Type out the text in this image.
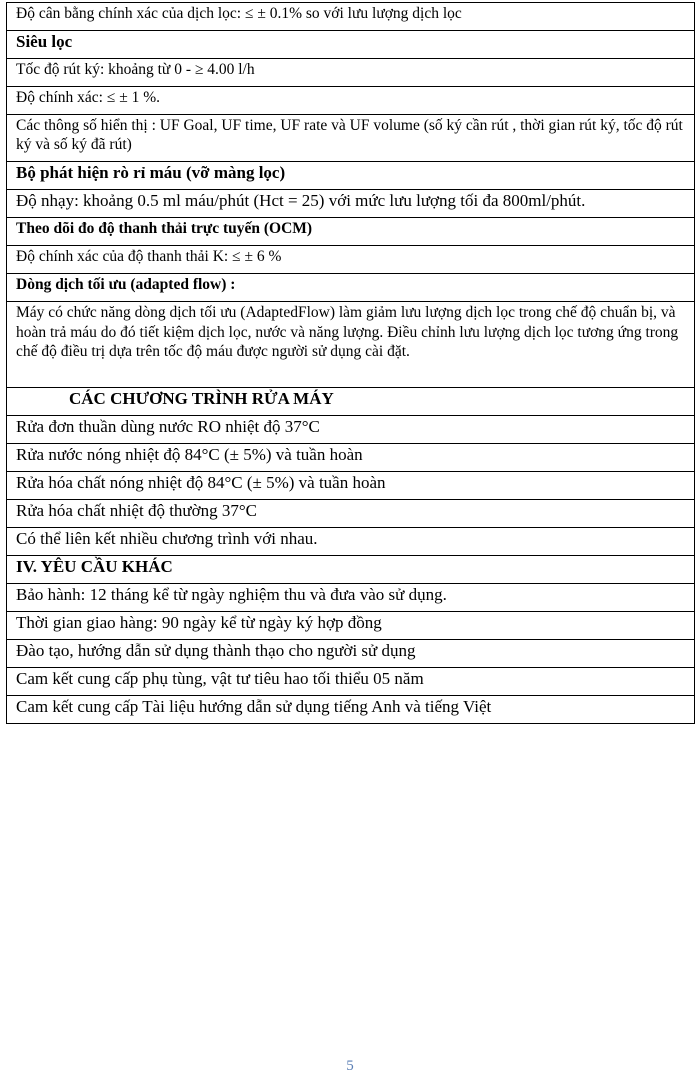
Độ cân bằng chính xác của dịch lọc: ≤ ± 0.1% so với lưu lượng dịch lọc
Siêu lọc
Tốc độ rút ký: khoảng từ 0 - ≥ 4.00 l/h
Độ chính xác: ≤ ± 1 %.
Các thông số hiển thị : UF Goal, UF time, UF rate và UF volume (số ký cần rút , thời gian rút ký, tốc độ rút ký và số ký đã rút)
Bộ phát hiện rò rỉ máu (vỡ màng lọc)
Độ nhạy: khoảng 0.5 ml máu/phút (Hct = 25) với mức lưu lượng tối đa 800ml/phút.
Theo dõi đo độ thanh thải trực tuyến (OCM)
Độ chính xác của độ thanh thải K: ≤ ± 6 %
Dòng dịch tối ưu (adapted flow) :
Máy có chức năng dòng dịch tối ưu (AdaptedFlow) làm giảm lưu lượng dịch lọc trong chế độ chuẩn bị, và hoàn trả máu do đó tiết kiệm dịch lọc, nước và năng lượng. Điều chỉnh lưu lượng dịch lọc tương ứng trong chế độ điều trị dựa trên tốc độ máu được người sử dụng cài đặt.
CÁC CHƯƠNG TRÌNH RỬA MÁY
Rửa đơn thuần dùng nước RO nhiệt độ 37°C
Rửa nước nóng nhiệt độ 84°C (± 5%) và tuần hoàn
Rửa hóa chất nóng nhiệt độ 84°C (± 5%) và tuần hoàn
Rửa hóa chất nhiệt độ thường 37°C
Có thể liên kết nhiều chương trình với nhau.
IV. YÊU CẦU KHÁC
Bảo hành: 12 tháng kể từ ngày nghiệm thu và đưa vào sử dụng.
Thời gian giao hàng: 90 ngày kể từ ngày ký hợp đồng
Đào tạo, hướng dẫn sử dụng thành thạo cho người sử dụng
Cam kết cung cấp phụ tùng, vật tư tiêu hao tối thiểu 05 năm
Cam kết cung cấp Tài liệu hướng dẫn sử dụng tiếng Anh và tiếng Việt
5
